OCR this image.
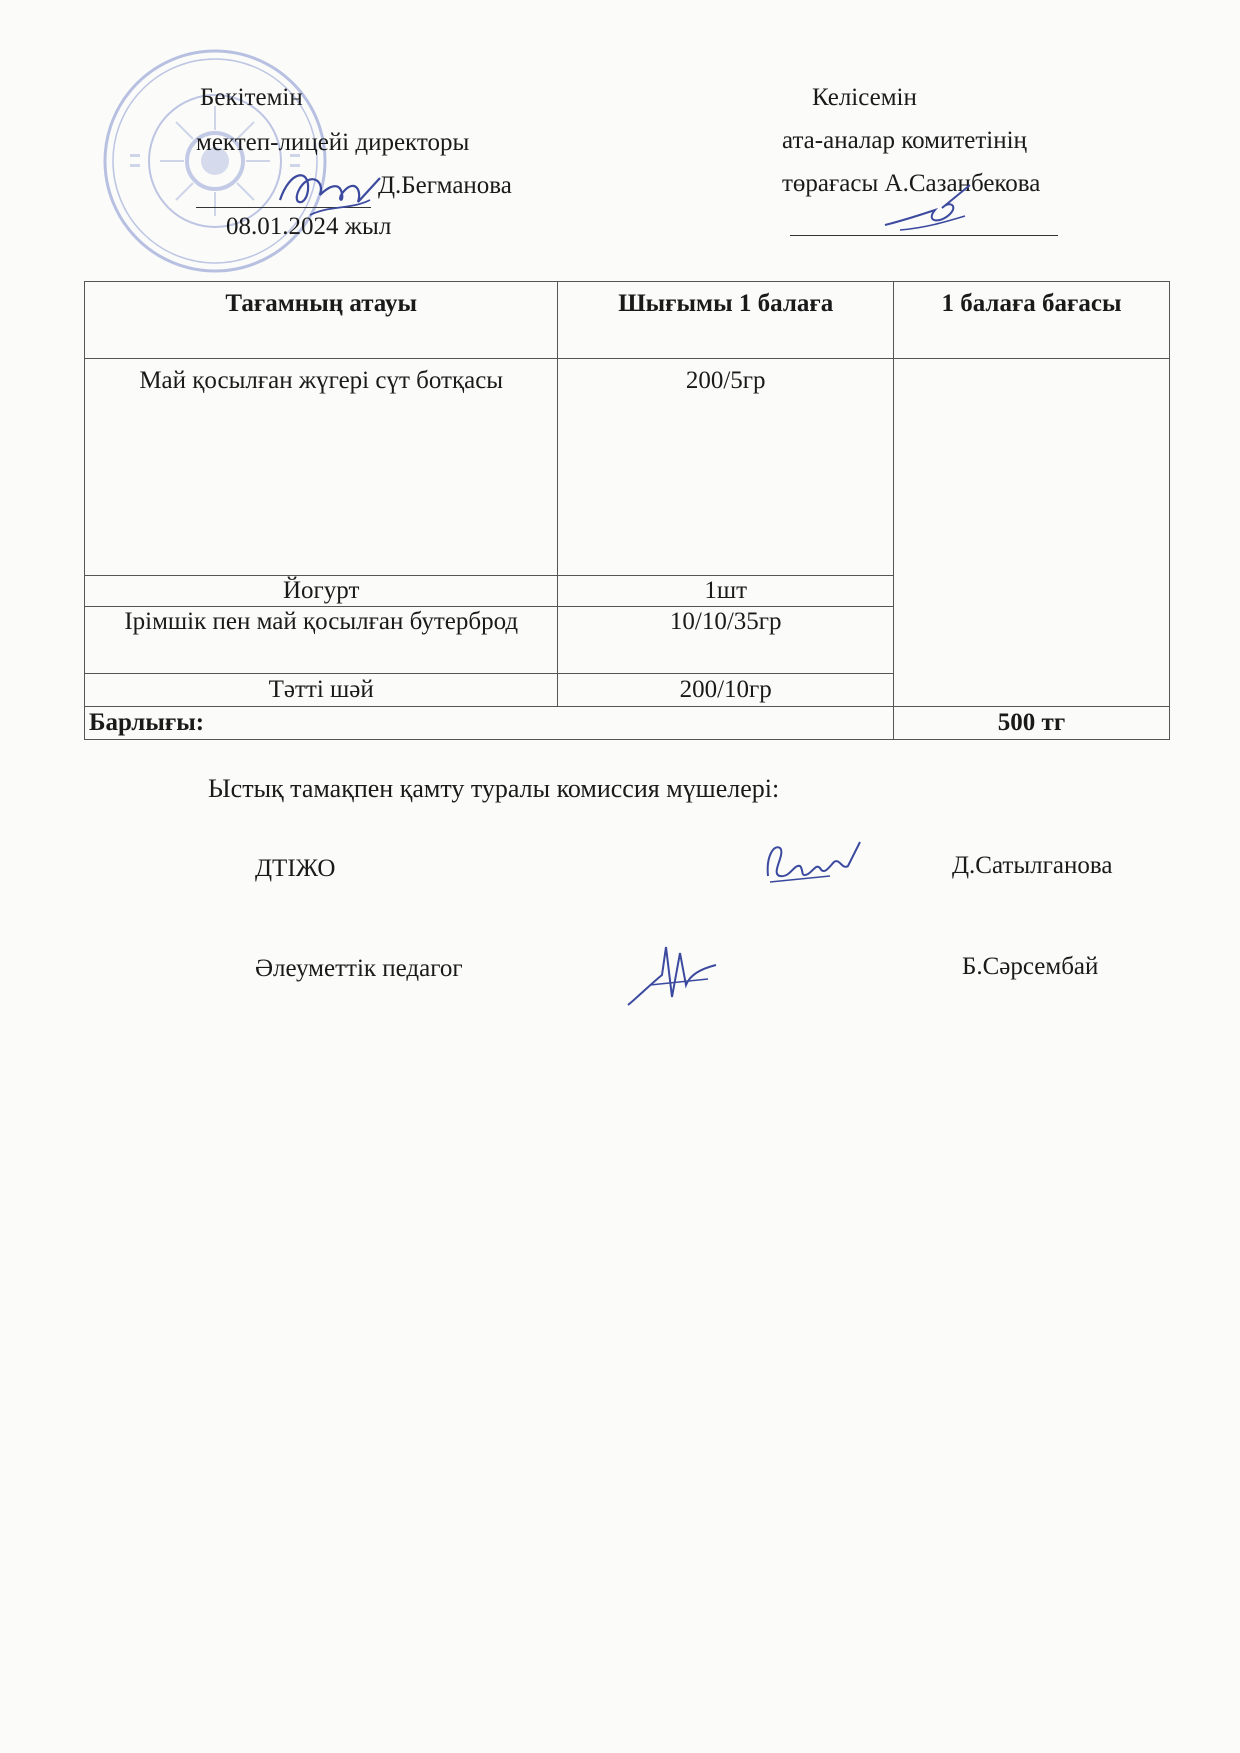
Бекітемін
мектеп-лицейі директоры
Д.Бегманова
08.01.2024 жыл
Келісемін
ата-аналар комитетінің
төрағасы А.Сазанбекова
Тағамның атауы	Шығымы 1 балаға	1 балаға бағасы
Май қосылған жүгері сүт ботқасы	200/5гр	
Йогурт	1шт	
Ірімшік пен май қосылған бутерброд	10/10/35гр	
Тәтті шәй	200/10гр	
Барлығы:		500 тг
Ыстық тамақпен қамту туралы комиссия мүшелері:
ДТІЖО	Д.Сатылганова
Әлеуметтік педагог	Б.Сәрсембай
